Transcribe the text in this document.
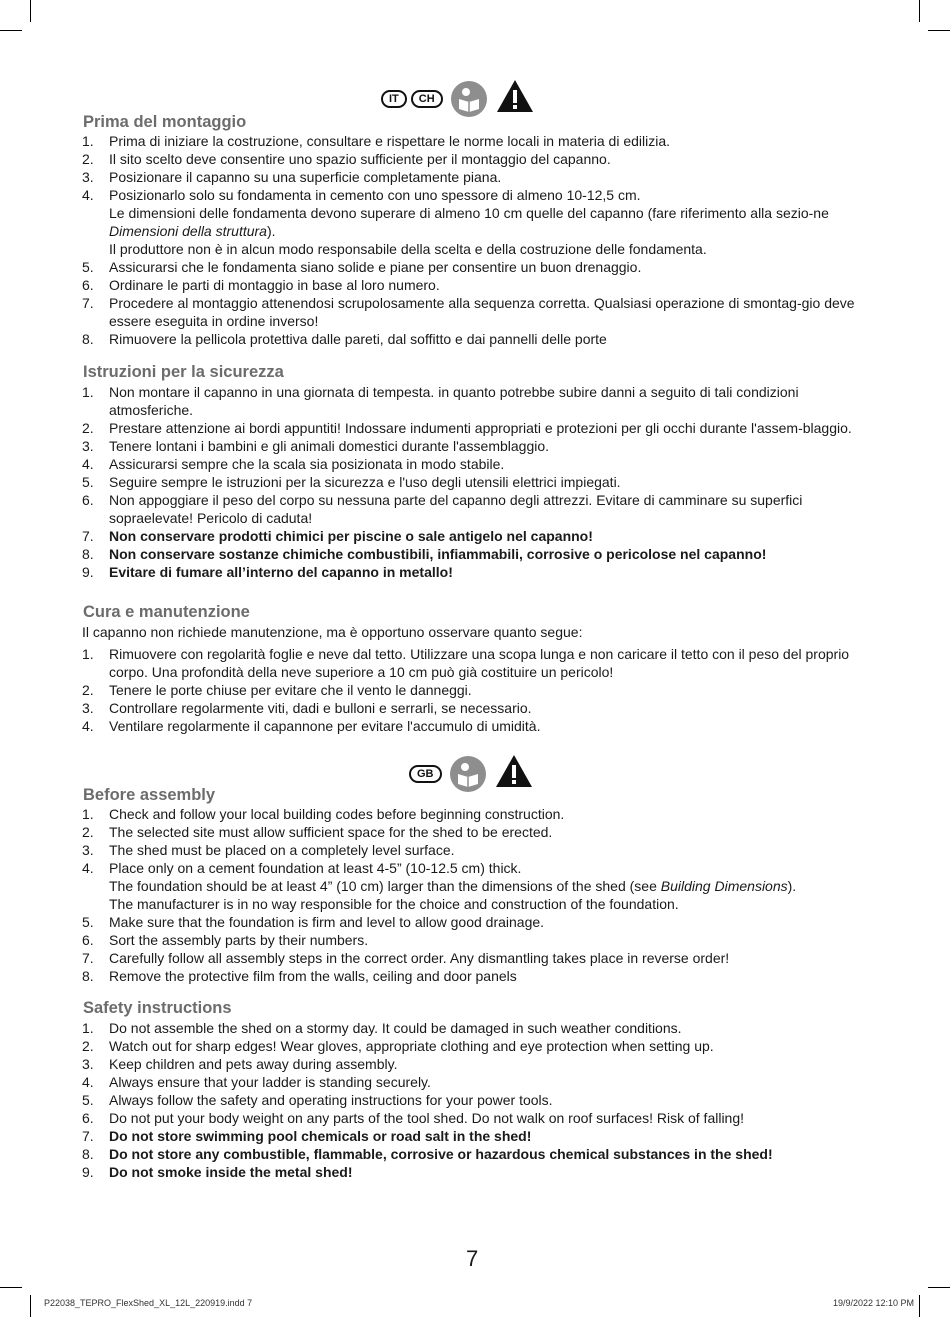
IT	CH
Prima del montaggio
1. Prima di iniziare la costruzione, consultare e rispettare le norme locali in materia di edilizia.
2. Il sito scelto deve consentire uno spazio sufficiente per il montaggio del capanno.
3. Posizionare il capanno su una superficie completamente piana.
4. Posizionarlo solo su fondamenta in cemento con uno spessore di almeno 10-12,5 cm.
Le dimensioni delle fondamenta devono superare di almeno 10 cm quelle del capanno (fare riferimento alla sezio-ne Dimensioni della struttura).
Il produttore non è in alcun modo responsabile della scelta e della costruzione delle fondamenta.
5. Assicurarsi che le fondamenta siano solide e piane per consentire un buon drenaggio.
6. Ordinare le parti di montaggio in base al loro numero.
7. Procedere al montaggio attenendosi scrupolosamente alla sequenza corretta. Qualsiasi operazione di smontag-gio deve essere eseguita in ordine inverso!
8. Rimuovere la pellicola protettiva dalle pareti, dal soffitto e dai pannelli delle porte
Istruzioni per la sicurezza
1. Non montare il capanno in una giornata di tempesta. in quanto potrebbe subire danni a seguito di tali condizioni atmosferiche.
2. Prestare attenzione ai bordi appuntiti! Indossare indumenti appropriati e protezioni per gli occhi durante l'assem-blaggio.
3. Tenere lontani i bambini e gli animali domestici durante l'assemblaggio.
4. Assicurarsi sempre che la scala sia posizionata in modo stabile.
5. Seguire sempre le istruzioni per la sicurezza e l'uso degli utensili elettrici impiegati.
6. Non appoggiare il peso del corpo su nessuna parte del capanno degli attrezzi. Evitare di camminare su superfici sopraelevate! Pericolo di caduta!
7. Non conservare prodotti chimici per piscine o sale antigelo nel capanno!
8. Non conservare sostanze chimiche combustibili, infiammabili, corrosive o pericolose nel capanno!
9. Evitare di fumare all’interno del capanno in metallo!
Cura e manutenzione
Il capanno non richiede manutenzione, ma è opportuno osservare quanto segue:
1. Rimuovere con regolarità foglie e neve dal tetto. Utilizzare una scopa lunga e non caricare il tetto con il peso del proprio corpo. Una profondità della neve superiore a 10 cm può già costituire un pericolo!
2. Tenere le porte chiuse per evitare che il vento le danneggi.
3. Controllare regolarmente viti, dadi e bulloni e serrarli, se necessario.
4. Ventilare regolarmente il capannone per evitare l'accumulo di umidità.
GB
Before assembly
1. Check and follow your local building codes before beginning construction.
2. The selected site must allow sufficient space for the shed to be erected.
3. The shed must be placed on a completely level surface.
4. Place only on a cement foundation at least 4-5” (10-12.5 cm) thick.
The foundation should be at least 4” (10 cm) larger than the dimensions of the shed (see Building Dimensions).
The manufacturer is in no way responsible for the choice and construction of the foundation.
5. Make sure that the foundation is firm and level to allow good drainage.
6. Sort the assembly parts by their numbers.
7. Carefully follow all assembly steps in the correct order. Any dismantling takes place in reverse order!
8. Remove the protective film from the walls, ceiling and door panels
Safety instructions
1. Do not assemble the shed on a stormy day. It could be damaged in such weather conditions.
2. Watch out for sharp edges! Wear gloves, appropriate clothing and eye protection when setting up.
3. Keep children and pets away during assembly.
4. Always ensure that your ladder is standing securely.
5. Always follow the safety and operating instructions for your power tools.
6. Do not put your body weight on any parts of the tool shed. Do not walk on roof surfaces! Risk of falling!
7. Do not store swimming pool chemicals or road salt in the shed!
8. Do not store any combustible, flammable, corrosive or hazardous chemical substances in the shed!
9. Do not smoke inside the metal shed!
7
P22038_TEPRO_FlexShed_XL_12L_220919.indd 7	19/9/2022 12:10 PM
